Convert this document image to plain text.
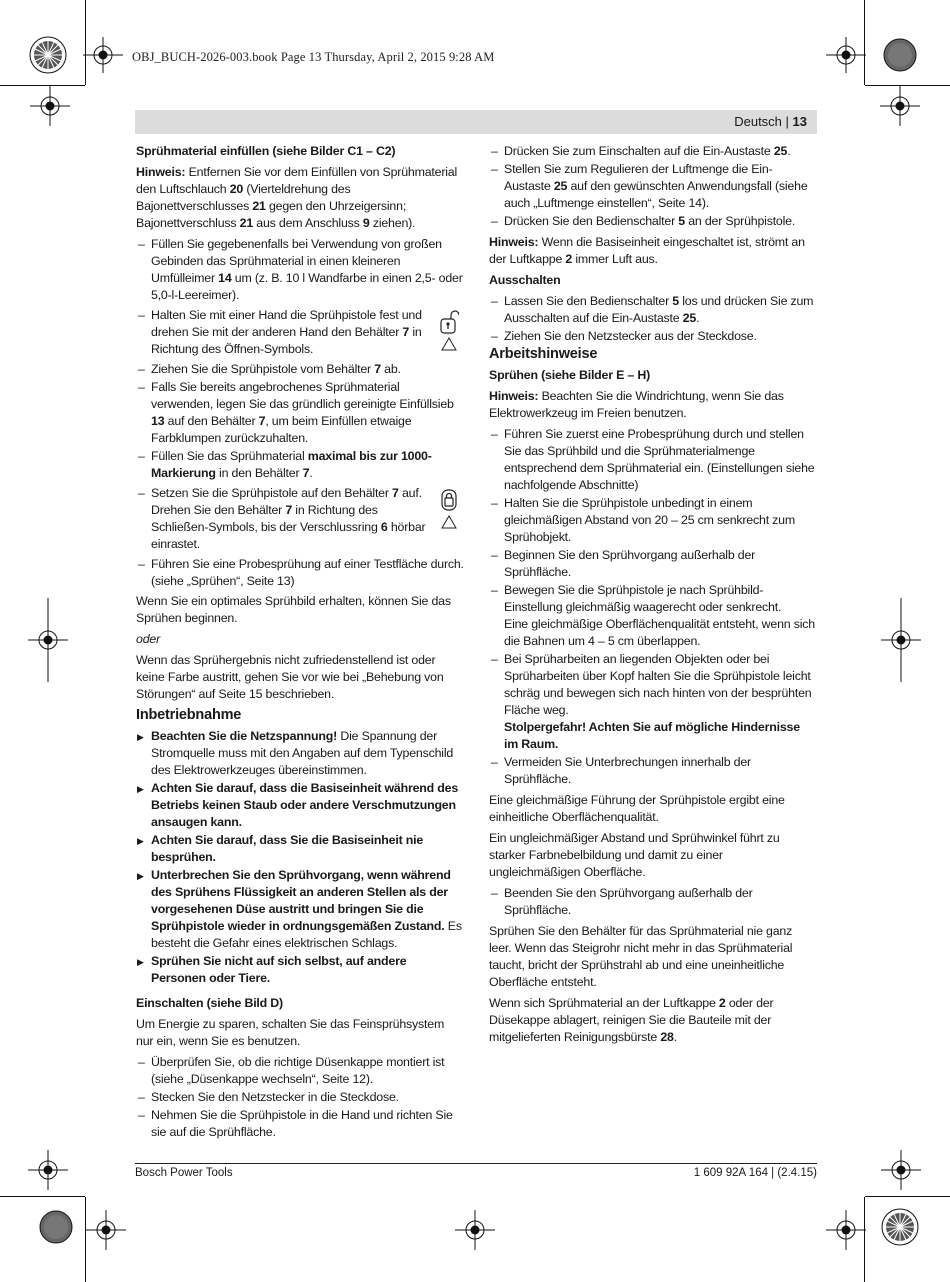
OBJ_BUCH-2026-003.book Page 13 Thursday, April 2, 2015 9:28 AM
Deutsch | 13

Sprühmaterial einfüllen (siehe Bilder C1 – C2)

Hinweis: Entfernen Sie vor dem Einfüllen von Sprühmaterial den Luftschlauch 20 (Vierteldrehung des Bajonettverschlusses 21 gegen den Uhrzeigersinn; Bajonettverschluss 21 aus dem Anschluss 9 ziehen).

– Füllen Sie gegebenenfalls bei Verwendung von großen Gebinden das Sprühmaterial in einen kleineren Umfülleimer 14 um (z. B. 10 l Wandfarbe in einen 2,5- oder 5,0-l-Leereimer).
– Halten Sie mit einer Hand die Sprühpistole fest und drehen Sie mit der anderen Hand den Behälter 7 in Richtung des Öffnen-Symbols.
– Ziehen Sie die Sprühpistole vom Behälter 7 ab.
– Falls Sie bereits angebrochenes Sprühmaterial verwenden, legen Sie das gründlich gereinigte Einfüllsieb 13 auf den Behälter 7, um beim Einfüllen etwaige Farbklumpen zurückzuhalten.
– Füllen Sie das Sprühmaterial maximal bis zur 1000-Markierung in den Behälter 7.
– Setzen Sie die Sprühpistole auf den Behälter 7 auf. Drehen Sie den Behälter 7 in Richtung des Schließen-Symbols, bis der Verschlussring 6 hörbar einrastet.
– Führen Sie eine Probesprühung auf einer Testfläche durch. (siehe „Sprühen“, Seite 13)

Wenn Sie ein optimales Sprühbild erhalten, können Sie das Sprühen beginnen.

oder

Wenn das Sprühergebnis nicht zufriedenstellend ist oder keine Farbe austritt, gehen Sie vor wie bei „Behebung von Störungen“ auf Seite 15 beschrieben.

Inbetriebnahme

▶ Beachten Sie die Netzspannung! Die Spannung der Stromquelle muss mit den Angaben auf dem Typenschild des Elektrowerkzeuges übereinstimmen.
▶ Achten Sie darauf, dass die Basiseinheit während des Betriebs keinen Staub oder andere Verschmutzungen ansaugen kann.
▶ Achten Sie darauf, dass Sie die Basiseinheit nie besprühen.
▶ Unterbrechen Sie den Sprühvorgang, wenn während des Sprühens Flüssigkeit an anderen Stellen als der vorgesehenen Düse austritt und bringen Sie die Sprühpistole wieder in ordnungsgemäßen Zustand. Es besteht die Gefahr eines elektrischen Schlags.
▶ Sprühen Sie nicht auf sich selbst, auf andere Personen oder Tiere.

Einschalten (siehe Bild D)

Um Energie zu sparen, schalten Sie das Feinsprühsystem nur ein, wenn Sie es benutzen.

– Überprüfen Sie, ob die richtige Düsenkappe montiert ist (siehe „Düsenkappe wechseln“, Seite 12).
– Stecken Sie den Netzstecker in die Steckdose.
– Nehmen Sie die Sprühpistole in die Hand und richten Sie sie auf die Sprühfläche.
– Drücken Sie zum Einschalten auf die Ein-Austaste 25.
– Stellen Sie zum Regulieren der Luftmenge die Ein-Austaste 25 auf den gewünschten Anwendungsfall (siehe auch „Luftmenge einstellen“, Seite 14).
– Drücken Sie den Bedienschalter 5 an der Sprühpistole.

Hinweis: Wenn die Basiseinheit eingeschaltet ist, strömt an der Luftkappe 2 immer Luft aus.

Ausschalten

– Lassen Sie den Bedienschalter 5 los und drücken Sie zum Ausschalten auf die Ein-Austaste 25.
– Ziehen Sie den Netzstecker aus der Steckdose.

Arbeitshinweise

Sprühen (siehe Bilder E – H)

Hinweis: Beachten Sie die Windrichtung, wenn Sie das Elektrowerkzeug im Freien benutzen.

– Führen Sie zuerst eine Probesprühung durch und stellen Sie das Sprühbild und die Sprühmaterialmenge entsprechend dem Sprühmaterial ein. (Einstellungen siehe nachfolgende Abschnitte)
– Halten Sie die Sprühpistole unbedingt in einem gleichmäßigen Abstand von 20 – 25 cm senkrecht zum Sprühobjekt.
– Beginnen Sie den Sprühvorgang außerhalb der Sprühfläche.
– Bewegen Sie die Sprühpistole je nach Sprühbild-Einstellung gleichmäßig waagerecht oder senkrecht.
Eine gleichmäßige Oberflächenqualität entsteht, wenn sich die Bahnen um 4 – 5 cm überlappen.
– Bei Sprüharbeiten an liegenden Objekten oder bei Sprüharbeiten über Kopf halten Sie die Sprühpistole leicht schräg und bewegen sich nach hinten von der besprühten Fläche weg.
Stolpergefahr! Achten Sie auf mögliche Hindernisse im Raum.
– Vermeiden Sie Unterbrechungen innerhalb der Sprühfläche.

Eine gleichmäßige Führung der Sprühpistole ergibt eine einheitliche Oberflächenqualität.

Ein ungleichmäßiger Abstand und Sprühwinkel führt zu starker Farbnebelbildung und damit zu einer ungleichmäßigen Oberfläche.

– Beenden Sie den Sprühvorgang außerhalb der Sprühfläche.

Sprühen Sie den Behälter für das Sprühmaterial nie ganz leer. Wenn das Steigrohr nicht mehr in das Sprühmaterial taucht, bricht der Sprühstrahl ab und eine uneinheitliche Oberfläche entsteht.

Wenn sich Sprühmaterial an der Luftkappe 2 oder der Düsekappe ablagert, reinigen Sie die Bauteile mit der mitgelieferten Reinigungsbürste 28.

Bosch Power Tools	1 609 92A 164 | (2.4.15)
